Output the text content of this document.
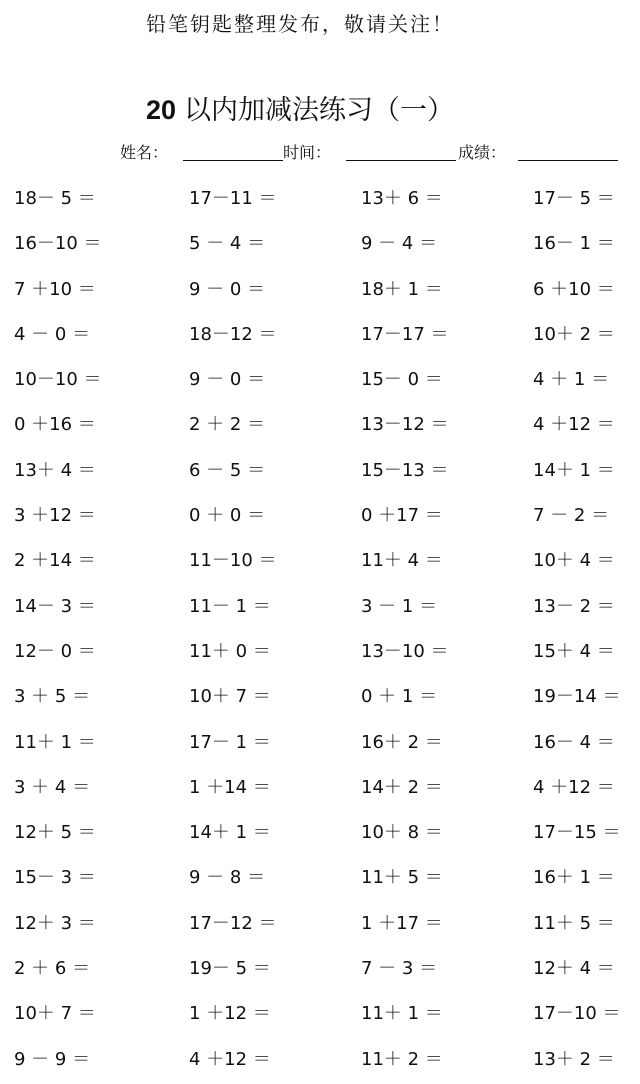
铅笔钥匙整理发布，敬请关注！
20 以内加减法练习（一）
姓名：	时间：	成绩：
18－ 5 ＝	17－11 ＝	13＋ 6 ＝	17－ 5 ＝
16－10 ＝	5 － 4 ＝	9 － 4 ＝	16－ 1 ＝
7 ＋10 ＝	9 － 0 ＝	18＋ 1 ＝	6 ＋10 ＝
4 － 0 ＝	18－12 ＝	17－17 ＝	10＋ 2 ＝
10－10 ＝	9 － 0 ＝	15－ 0 ＝	4 ＋ 1 ＝
0 ＋16 ＝	2 ＋ 2 ＝	13－12 ＝	4 ＋12 ＝
13＋ 4 ＝	6 － 5 ＝	15－13 ＝	14＋ 1 ＝
3 ＋12 ＝	0 ＋ 0 ＝	0 ＋17 ＝	7 － 2 ＝
2 ＋14 ＝	11－10 ＝	11＋ 4 ＝	10＋ 4 ＝
14－ 3 ＝	11－ 1 ＝	3 － 1 ＝	13－ 2 ＝
12－ 0 ＝	11＋ 0 ＝	13－10 ＝	15＋ 4 ＝
3 ＋ 5 ＝	10＋ 7 ＝	0 ＋ 1 ＝	19－14 ＝
11＋ 1 ＝	17－ 1 ＝	16＋ 2 ＝	16－ 4 ＝
3 ＋ 4 ＝	1 ＋14 ＝	14＋ 2 ＝	4 ＋12 ＝
12＋ 5 ＝	14＋ 1 ＝	10＋ 8 ＝	17－15 ＝
15－ 3 ＝	9 － 8 ＝	11＋ 5 ＝	16＋ 1 ＝
12＋ 3 ＝	17－12 ＝	1 ＋17 ＝	11＋ 5 ＝
2 ＋ 6 ＝	19－ 5 ＝	7 － 3 ＝	12＋ 4 ＝
10＋ 7 ＝	1 ＋12 ＝	11＋ 1 ＝	17－10 ＝
9 － 9 ＝	4 ＋12 ＝	11＋ 2 ＝	13＋ 2 ＝
